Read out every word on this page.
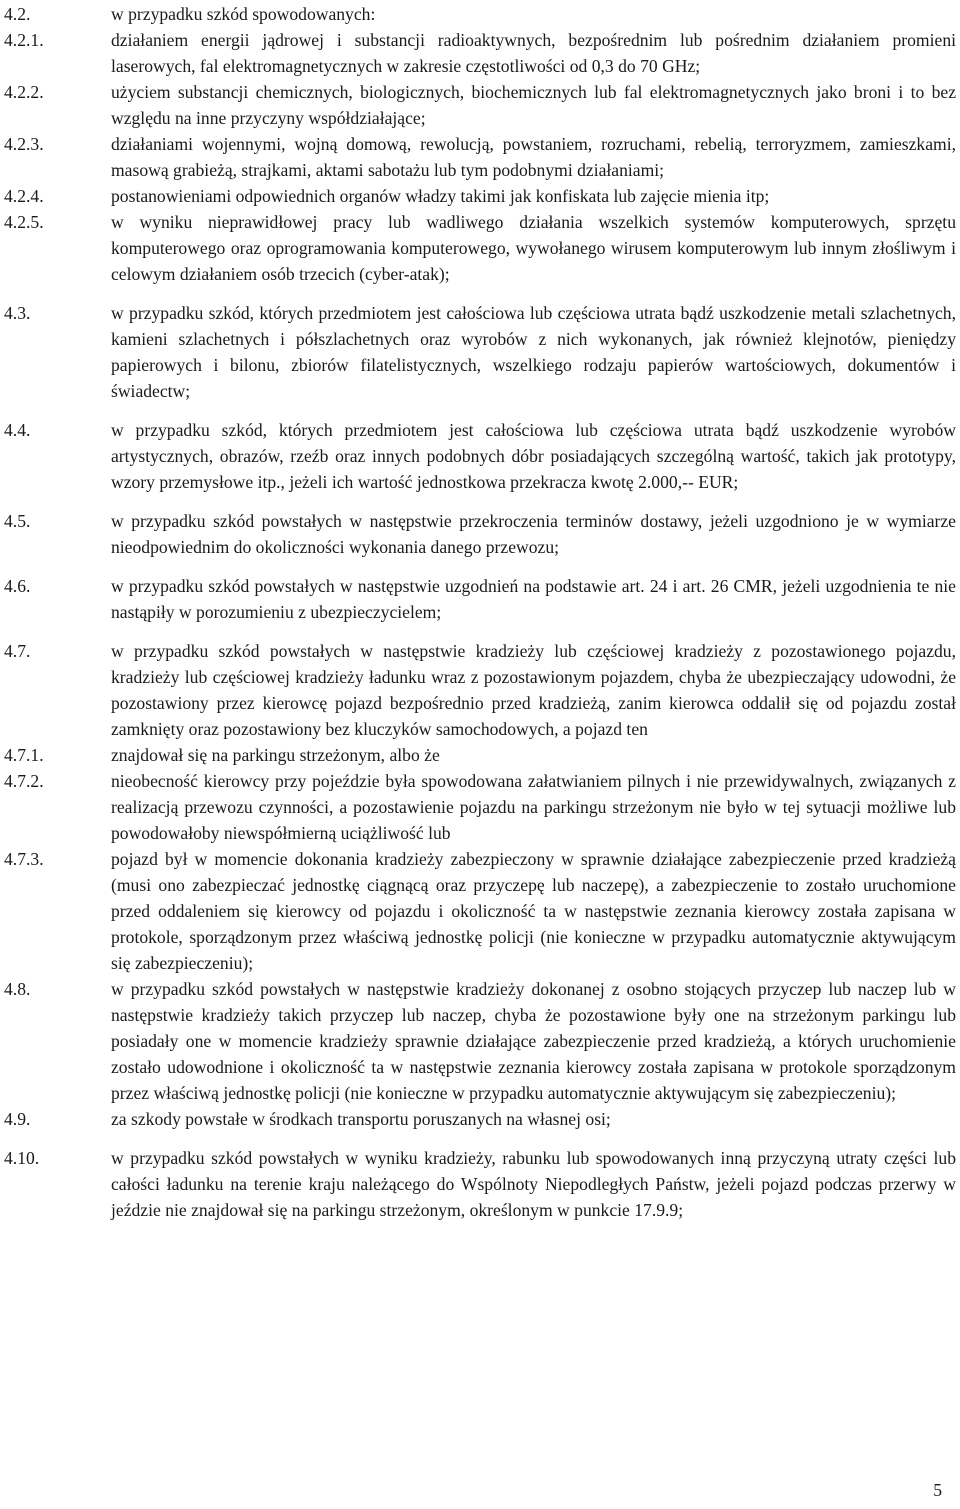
4.2.	w przypadku szkód spowodowanych:
4.2.1.	działaniem energii jądrowej i substancji radioaktywnych, bezpośrednim lub pośrednim działaniem promieni laserowych, fal elektromagnetycznych w zakresie częstotliwości od 0,3 do 70 GHz;
4.2.2.	użyciem substancji chemicznych, biologicznych, biochemicznych lub fal elektromagnetycznych jako broni i to bez względu na inne przyczyny współdziałające;
4.2.3.	działaniami wojennymi, wojną domową, rewolucją, powstaniem, rozruchami, rebelią, terroryzmem, zamieszkami, masową grabieżą, strajkami, aktami sabotażu lub tym podobnymi działaniami;
4.2.4.	postanowieniami odpowiednich organów władzy takimi jak konfiskata lub zajęcie mienia itp;
4.2.5.	w wyniku nieprawidłowej pracy lub wadliwego działania wszelkich systemów komputerowych, sprzętu komputerowego oraz oprogramowania komputerowego, wywołanego wirusem komputerowym lub innym złośliwym i celowym działaniem osób trzecich (cyber-atak);
4.3.	w przypadku szkód, których przedmiotem jest całościowa lub częściowa utrata bądź uszkodzenie metali szlachetnych, kamieni szlachetnych i półszlachetnych oraz wyrobów z nich wykonanych, jak również klejnotów, pieniędzy papierowych i bilonu, zbiorów filatelistycznych, wszelkiego rodzaju papierów wartościowych, dokumentów i świadectw;
4.4.	w przypadku szkód, których przedmiotem jest całościowa lub częściowa utrata bądź uszkodzenie wyrobów artystycznych, obrazów, rzeźb oraz innych podobnych dóbr posiadających szczególną wartość, takich jak prototypy, wzory przemysłowe itp., jeżeli ich wartość jednostkowa przekracza kwotę 2.000,-- EUR;
4.5.	w przypadku szkód powstałych w następstwie przekroczenia terminów dostawy, jeżeli uzgodniono je w wymiarze nieodpowiednim do okoliczności wykonania danego przewozu;
4.6.	w przypadku szkód powstałych w następstwie uzgodnień na podstawie art. 24 i art. 26 CMR, jeżeli uzgodnienia te nie nastąpiły w porozumieniu z ubezpieczycielem;
4.7.	w przypadku szkód powstałych w następstwie kradzieży lub częściowej kradzieży z pozostawionego pojazdu, kradzieży lub częściowej kradzieży ładunku wraz z pozostawionym pojazdem, chyba że ubezpieczający udowodni, że pozostawiony przez kierowcę pojazd bezpośrednio przed kradzieżą, zanim kierowca oddalił się od pojazdu został zamknięty oraz pozostawiony bez kluczyków samochodowych, a pojazd ten
4.7.1.	znajdował się na parkingu strzeżonym, albo że
4.7.2.	nieobecność kierowcy przy pojeździe była spowodowana załatwianiem pilnych i nie przewidywalnych, związanych z realizacją przewozu czynności, a pozostawienie pojazdu na parkingu strzeżonym nie było w tej sytuacji możliwe lub powodowałoby niewspółmierną uciążliwość lub
4.7.3.	pojazd był w momencie dokonania kradzieży zabezpieczony w sprawnie działające zabezpieczenie przed kradzieżą (musi ono zabezpieczać jednostkę ciągnącą oraz przyczepę lub naczepę), a zabezpieczenie to zostało uruchomione przed oddaleniem się kierowcy od pojazdu i okoliczność ta w następstwie zeznania kierowcy została zapisana w protokole, sporządzonym przez właściwą jednostkę policji (nie konieczne w przypadku automatycznie aktywującym się zabezpieczeniu);
4.8.	w przypadku szkód powstałych w następstwie kradzieży dokonanej z osobno stojących przyczep lub naczep lub w następstwie kradzieży takich przyczep lub naczep, chyba że pozostawione były one na strzeżonym parkingu lub posiadały one w momencie kradzieży sprawnie działające zabezpieczenie przed kradzieżą, a których uruchomienie zostało udowodnione i okoliczność ta w następstwie zeznania kierowcy została zapisana w protokole sporządzonym przez właściwą jednostkę policji (nie konieczne w przypadku automatycznie aktywującym się zabezpieczeniu);
4.9.	za szkody powstałe w środkach transportu poruszanych na własnej osi;
4.10.	w przypadku szkód powstałych w wyniku kradzieży, rabunku lub spowodowanych inną przyczyną utraty części lub całości ładunku na terenie kraju należącego do Wspólnoty Niepodległych Państw, jeżeli pojazd podczas przerwy w jeździe nie znajdował się na parkingu strzeżonym, określonym w punkcie 17.9.9;
5
